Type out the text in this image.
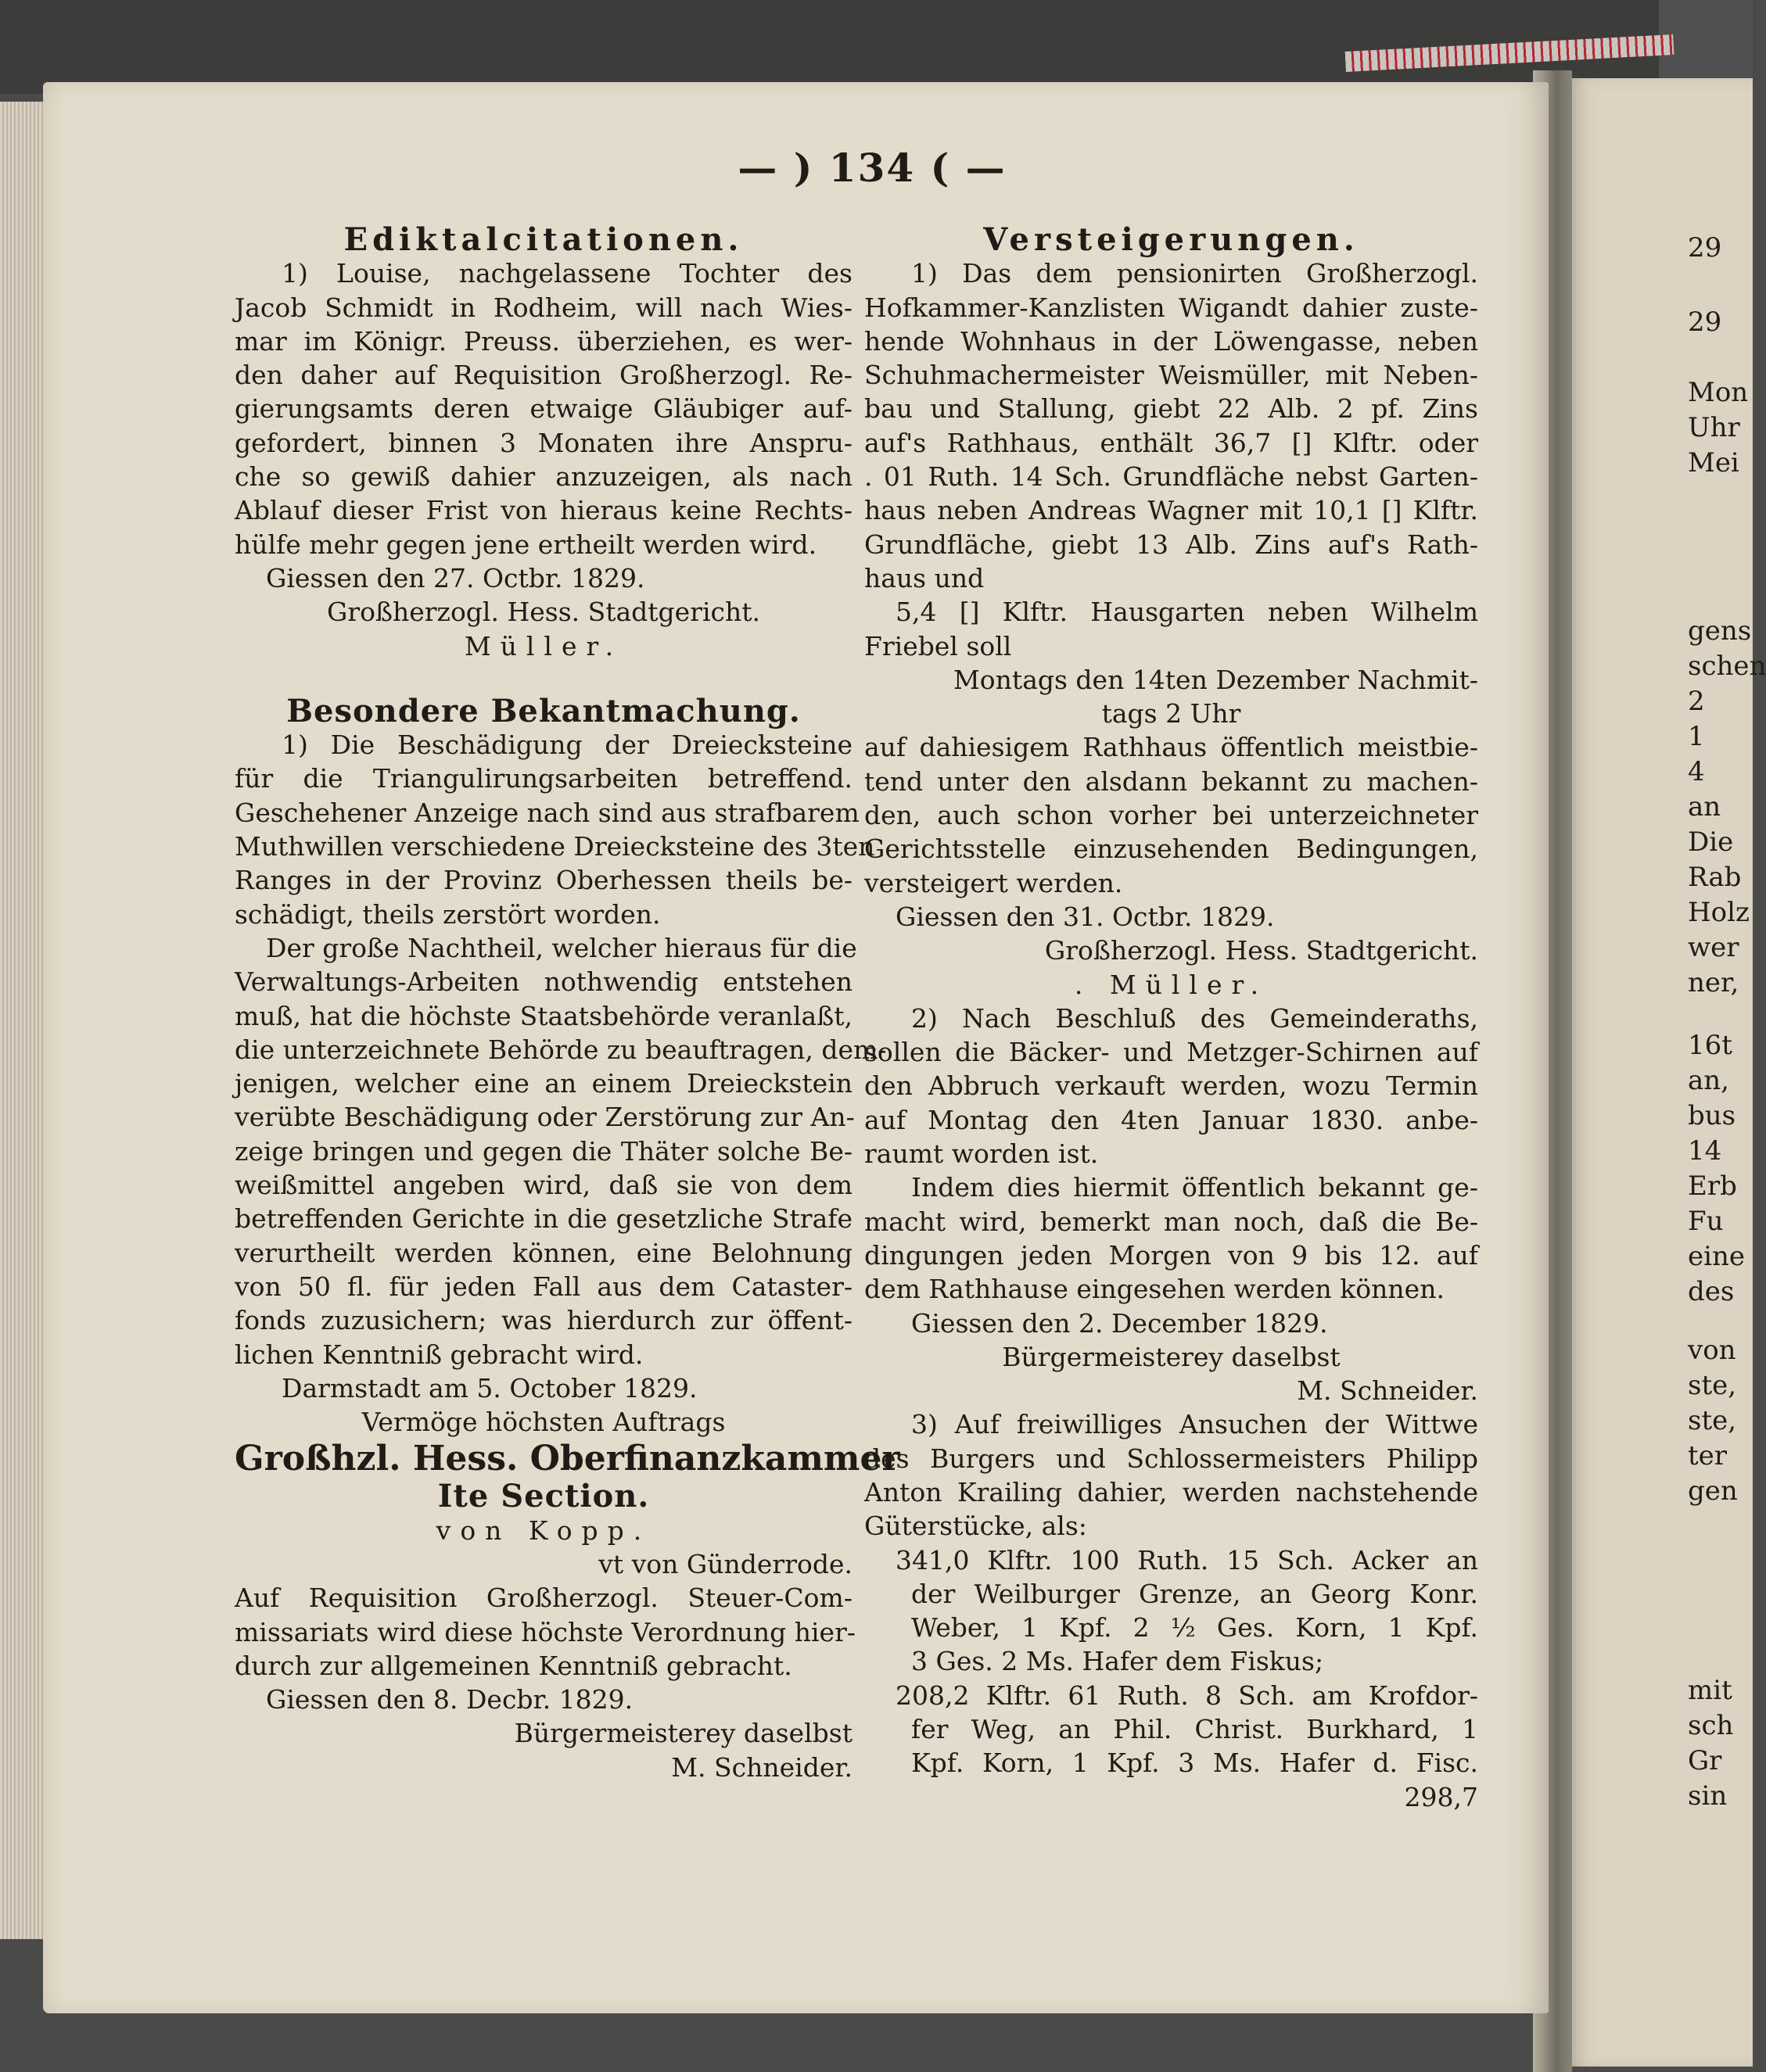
— ) 134 ( —
Ediktalcitationen.
1) Louise, nachgelassene Tochter des
Jacob Schmidt in Rodheim, will nach Wies-
mar im Königr. Preuss. überziehen, es wer-
den daher auf Requisition Großherzogl. Re-
gierungsamts deren etwaige Gläubiger auf-
gefordert, binnen 3 Monaten ihre Anspru-
che so gewiß dahier anzuzeigen, als nach
Ablauf dieser Frist von hieraus keine Rechts-
hülfe mehr gegen jene ertheilt werden wird.
Giessen den 27. Octbr. 1829.
Großherzogl. Hess. Stadtgericht.
Müller.
Besondere Bekantmachung.
1) Die Beschädigung der Dreiecksteine
für die Triangulirungsarbeiten betreffend.
Geschehener Anzeige nach sind aus strafbarem
Muthwillen verschiedene Dreiecksteine des 3ten
Ranges in der Provinz Oberhessen theils be-
schädigt, theils zerstört worden.
Der große Nachtheil, welcher hieraus für die
Verwaltungs-Arbeiten nothwendig entstehen
muß, hat die höchste Staatsbehörde veranlaßt,
die unterzeichnete Behörde zu beauftragen, dem-
jenigen, welcher eine an einem Dreieckstein
verübte Beschädigung oder Zerstörung zur An-
zeige bringen und gegen die Thäter solche Be-
weißmittel angeben wird, daß sie von dem
betreffenden Gerichte in die gesetzliche Strafe
verurtheilt werden können, eine Belohnung
von 50 fl. für jeden Fall aus dem Cataster-
fonds zuzusichern; was hierdurch zur öffent-
lichen Kenntniß gebracht wird.
Darmstadt am 5. October 1829.
Vermöge höchsten Auftrags
Großhzl. Hess. Oberfinanzkammer
Ite Section.
von Kopp.
vt von Günderrode.
Auf Requisition Großherzogl. Steuer-Com-
missariats wird diese höchste Verordnung hier-
durch zur allgemeinen Kenntniß gebracht.
Giessen den 8. Decbr. 1829.
Bürgermeisterey daselbst
M. Schneider.
Versteigerungen.
1) Das dem pensionirten Großherzogl.
Hofkammer-Kanzlisten Wigandt dahier zuste-
hende Wohnhaus in der Löwengasse, neben
Schuhmachermeister Weismüller, mit Neben-
bau und Stallung, giebt 22 Alb. 2 pf. Zins
auf's Rathhaus, enthält 36,7 [] Klftr. oder
. 01 Ruth. 14 Sch. Grundfläche nebst Garten-
haus neben Andreas Wagner mit 10,1 [] Klftr.
Grundfläche, giebt 13 Alb. Zins auf's Rath-
haus und
5,4 [] Klftr. Hausgarten neben Wilhelm
Friebel soll
Montags den 14ten Dezember Nachmit-
tags 2 Uhr
auf dahiesigem Rathhaus öffentlich meistbie-
tend unter den alsdann bekannt zu machen-
den, auch schon vorher bei unterzeichneter
Gerichtsstelle einzusehenden Bedingungen,
versteigert werden.
Giessen den 31. Octbr. 1829.
Großherzogl. Hess. Stadtgericht.
. Müller.
2) Nach Beschluß des Gemeinderaths,
sollen die Bäcker- und Metzger-Schirnen auf
den Abbruch verkauft werden, wozu Termin
auf Montag den 4ten Januar 1830. anbe-
raumt worden ist.
Indem dies hiermit öffentlich bekannt ge-
macht wird, bemerkt man noch, daß die Be-
dingungen jeden Morgen von 9 bis 12. auf
dem Rathhause eingesehen werden können.
Giessen den 2. December 1829.
Bürgermeisterey daselbst
M. Schneider.
3) Auf freiwilliges Ansuchen der Wittwe
des Burgers und Schlossermeisters Philipp
Anton Krailing dahier, werden nachstehende
Güterstücke, als:
341,0 Klftr. 100 Ruth. 15 Sch. Acker an
der Weilburger Grenze, an Georg Konr.
Weber, 1 Kpf. 2 ½ Ges. Korn, 1 Kpf.
3 Ges. 2 Ms. Hafer dem Fiskus;
208,2 Klftr. 61 Ruth. 8 Sch. am Krofdor-
fer Weg, an Phil. Christ. Burkhard, 1
Kpf. Korn, 1 Kpf. 3 Ms. Hafer d. Fisc.
298,7
29
29
Mon
Uhr
Mei
gens
schen
2
1
4
an
Die
Rab
Holz
wer
ner,
16t
an,
bus
14
Erb
Fu
eine
des
von
ste,
ste,
ter
gen
mit
sch
Gr
sin
